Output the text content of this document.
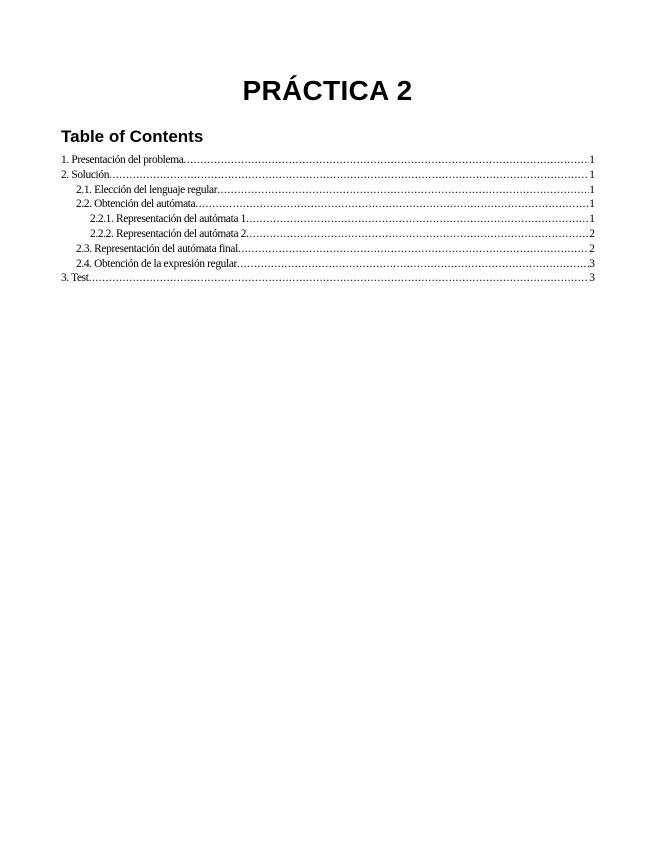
PRÁCTICA 2
Table of Contents
1. Presentación del problema .....	1
2. Solución .....	1
2.1. Elección del lenguaje regular .....	1
2.2. Obtención del autómata .....	1
2.2.1. Representación del autómata 1 .....	1
2.2.2. Representación del autómata 2 .....	2
2.3. Representación del autómata final .....	2
2.4. Obtención de la expresión regular .....	3
3. Test .....	3
